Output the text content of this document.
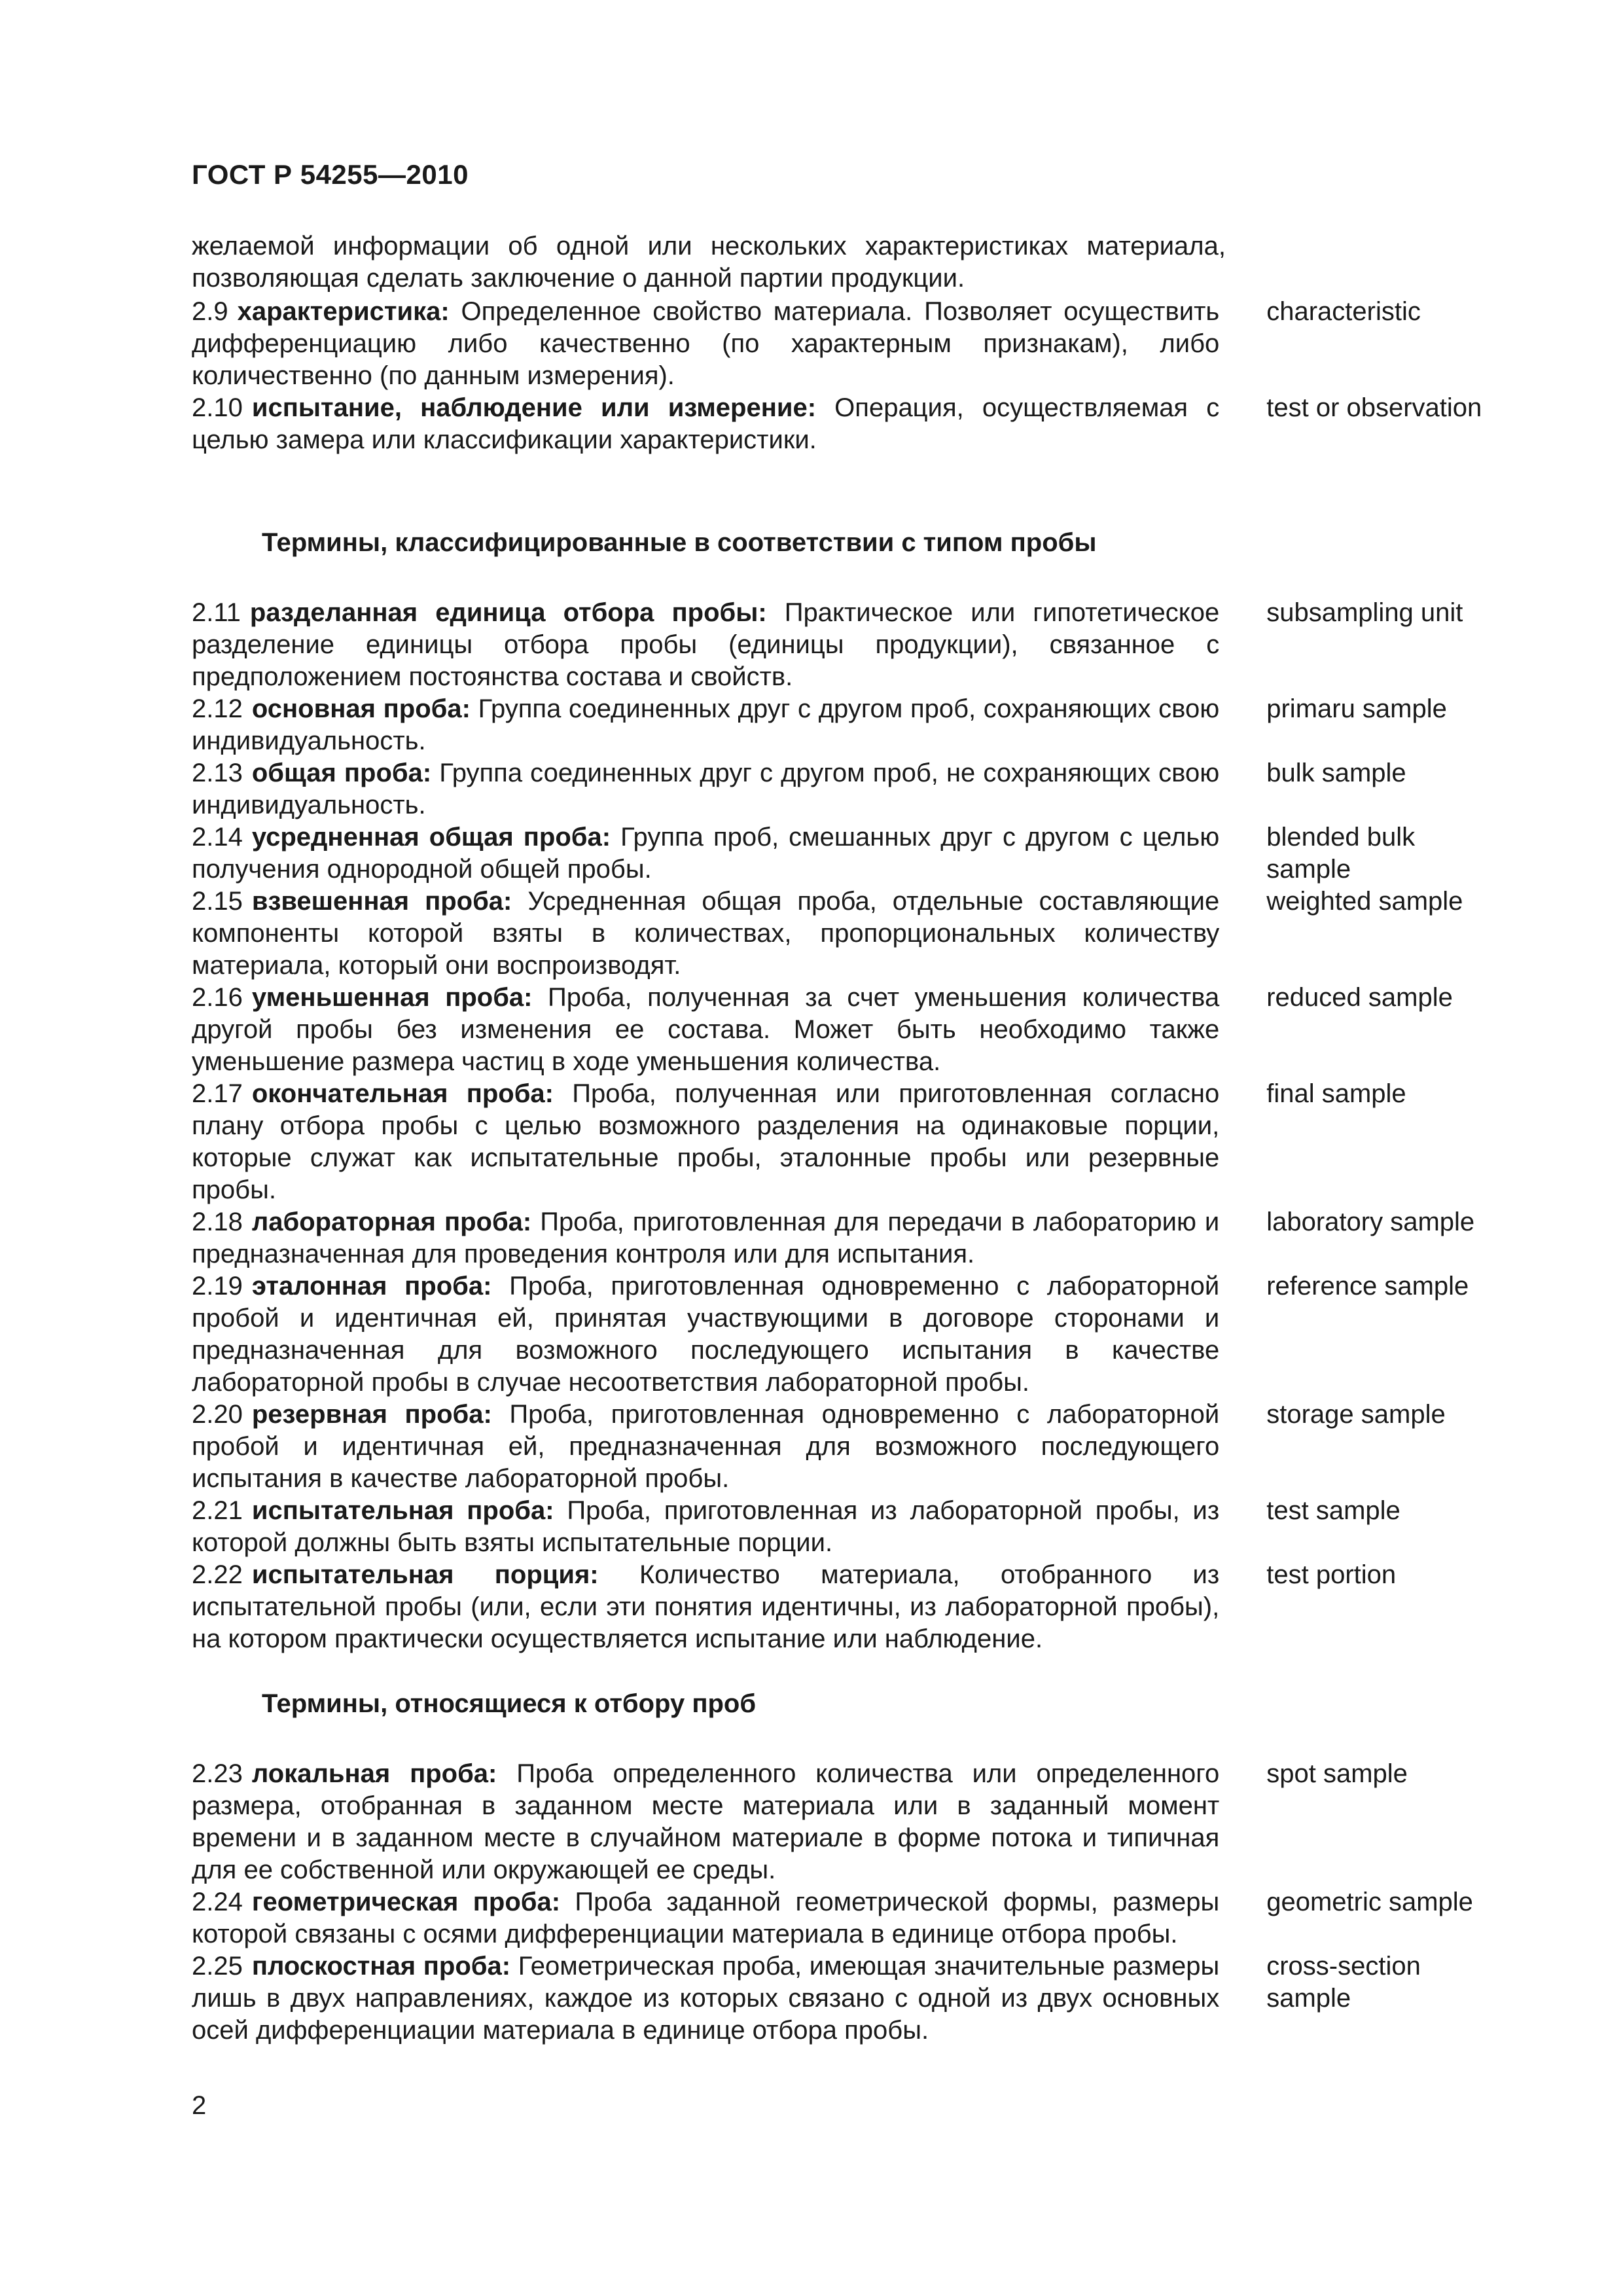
ГОСТ Р 54255—2010
желаемой информации об одной или нескольких характеристиках материала, позволяющая сделать заключение о данной партии продукции.
2.9 характеристика: Определенное свойство материала. Позволяет осуществить дифференциацию либо качественно (по характерным признакам), либо количественно (по данным измерения).
characteristic
2.10 испытание, наблюдение или измерение: Операция, осуществляемая с целью замера или классификации характеристики.
test or observation
Термины, классифицированные в соответствии с типом пробы
2.11 разделанная единица отбора пробы: Практическое или гипотетическое разделение единицы отбора пробы (единицы продукции), связанное с предположением постоянства состава и свойств.
subsampling unit
2.12 основная проба: Группа соединенных друг с другом проб, сохраняющих свою индивидуальность.
primaru sample
2.13 общая проба: Группа соединенных друг с другом проб, не сохраняющих свою индивидуальность.
bulk sample
2.14 усредненная общая проба: Группа проб, смешанных друг с другом с целью получения однородной общей пробы.
blended bulk sample
2.15 взвешенная проба: Усредненная общая проба, отдельные составляющие компоненты которой взяты в количествах, пропорциональных количеству материала, который они воспроизводят.
weighted sample
2.16 уменьшенная проба: Проба, полученная за счет уменьшения количества другой пробы без изменения ее состава. Может быть необходимо также уменьшение размера частиц в ходе уменьшения количества.
reduced sample
2.17 окончательная проба: Проба, полученная или приготовленная согласно плану отбора пробы с целью возможного разделения на одинаковые порции, которые служат как испытательные пробы, эталонные пробы или резервные пробы.
final sample
2.18 лабораторная проба: Проба, приготовленная для передачи в лабораторию и предназначенная для проведения контроля или для испытания.
laboratory sample
2.19 эталонная проба: Проба, приготовленная одновременно с лабораторной пробой и идентичная ей, принятая участвующими в договоре сторонами и предназначенная для возможного последующего испытания в качестве лабораторной пробы в случае несоответствия лабораторной пробы.
reference sample
2.20 резервная проба: Проба, приготовленная одновременно с лабораторной пробой и идентичная ей, предназначенная для возможного последующего испытания в качестве лабораторной пробы.
storage sample
2.21 испытательная проба: Проба, приготовленная из лабораторной пробы, из которой должны быть взяты испытательные порции.
test sample
2.22 испытательная порция: Количество материала, отобранного из испытательной пробы (или, если эти понятия идентичны, из лабораторной пробы), на котором практически осуществляется испытание или наблюдение.
test portion
Термины, относящиеся к отбору проб
2.23 локальная проба: Проба определенного количества или определенного размера, отобранная в заданном месте материала или в заданный момент времени и в заданном месте в случайном материале в форме потока и типичная для ее собственной или окружающей ее среды.
spot sample
2.24 геометрическая проба: Проба заданной геометрической формы, размеры которой связаны с осями дифференциации материала в единице отбора пробы.
geometric sample
2.25 плоскостная проба: Геометрическая проба, имеющая значительные размеры лишь в двух направлениях, каждое из которых связано с одной из двух основных осей дифференциации материала в единице отбора пробы.
cross-section sample
2
